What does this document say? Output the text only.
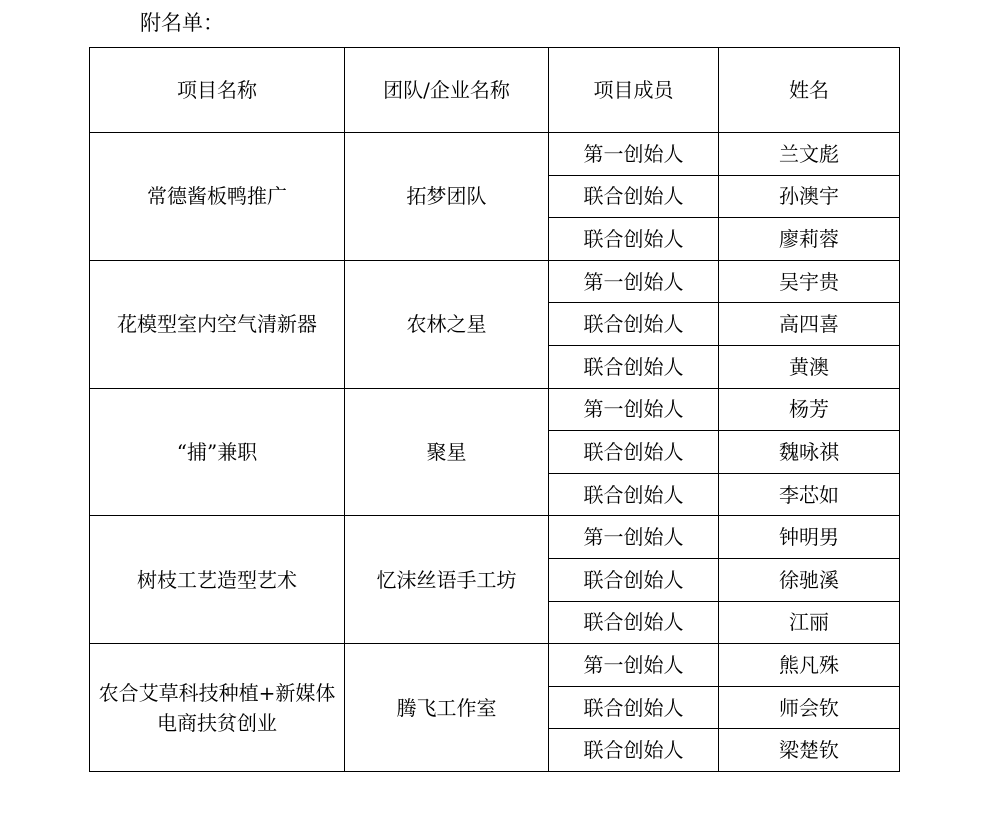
附名单：
项目名称	团队/企业名称	项目成员	姓名

常德酱板鸭推广	拓梦团队	第一创始人	兰文彪
		联合创始人	孙澳宇
		联合创始人	廖莉蓉

花模型室内空气清新器	农林之星	第一创始人	吴宇贵
		联合创始人	高四喜
		联合创始人	黄澳

“捕”兼职	聚星	第一创始人	杨芳
		联合创始人	魏咏祺
		联合创始人	李芯如

树枝工艺造型艺术	忆沫丝语手工坊	第一创始人	钟明男
		联合创始人	徐驰溪
		联合创始人	江丽

农合艾草科技种植+新媒体电商扶贫创业	腾飞工作室	第一创始人	熊凡殊
		联合创始人	师会钦
		联合创始人	梁楚钦
